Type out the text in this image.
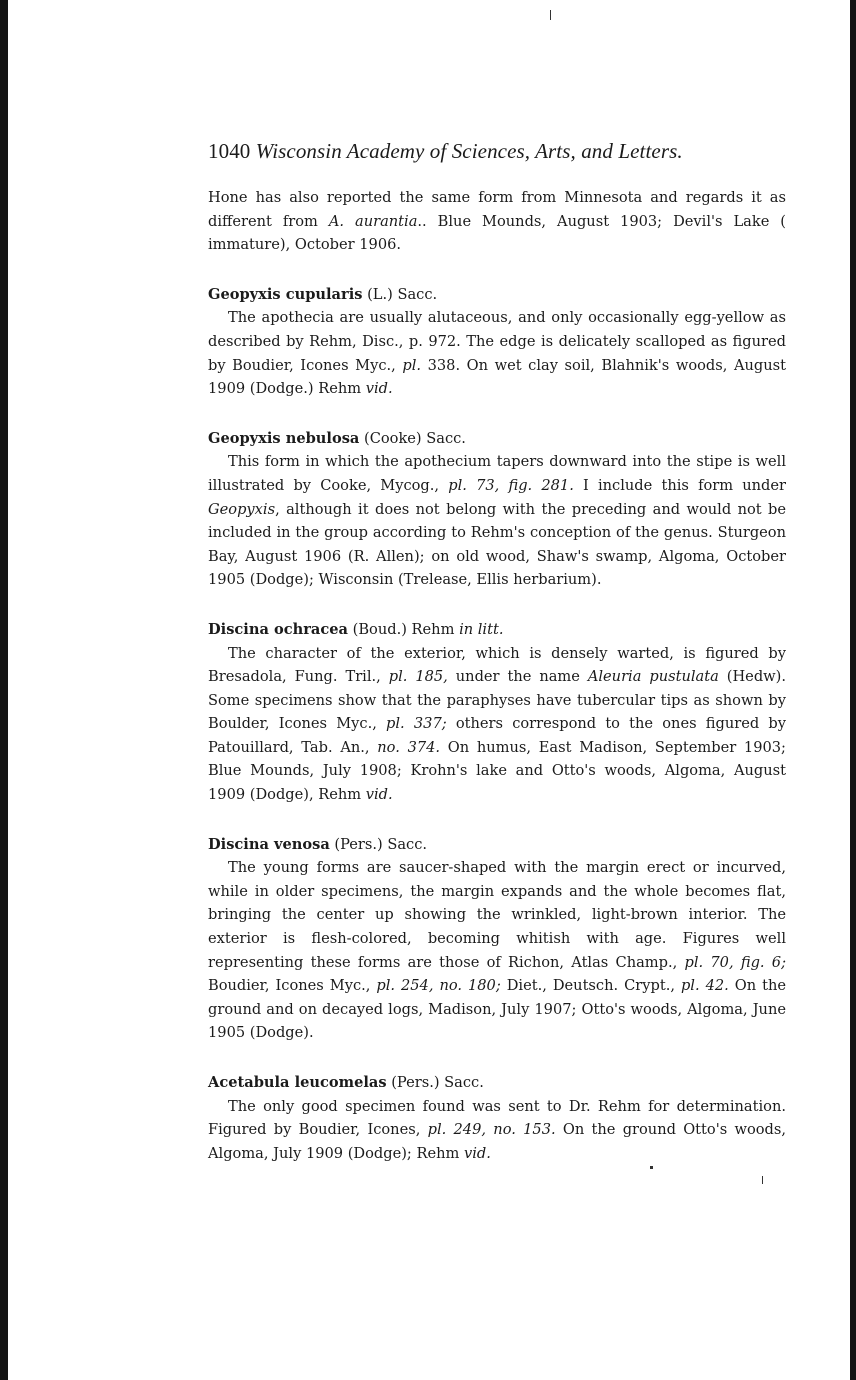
1040 Wisconsin Academy of Sciences, Arts, and Letters.

Hone has also reported the same form from Minnesota and regards it as different from A. aurantia.. Blue Mounds, August 1903; Devil's Lake ( immature), October 1906.

Geopyxis cupularis (L.) Sacc.

The apothecia are usually alutaceous, and only occasionally egg-yellow as described by Rehm, Disc., p. 972. The edge is delicately scalloped as figured by Boudier, Icones Myc., pl. 338. On wet clay soil, Blahnik's woods, August 1909 (Dodge.) Rehm vid.

Geopyxis nebulosa (Cooke) Sacc.

This form in which the apothecium tapers downward into the stipe is well illustrated by Cooke, Mycog., pl. 73, fig. 281. I include this form under Geopyxis, although it does not belong with the preceding and would not be included in the group according to Rehm's conception of the genus. Sturgeon Bay, August 1906 (R. Allen); on old wood, Shaw's swamp, Algoma, October 1905 (Dodge); Wisconsin (Trelease, Ellis herbarium).

Discina ochracea (Boud.) Rehm in litt.

The character of the exterior, which is densely warted, is figured by Bresadola, Fung. Tril., pl. 185, under the name Aleuria pustulata (Hedw). Some specimens show that the paraphyses have tubercular tips as shown by Boulder, Icones Myc., pl. 337; others correspond to the ones figured by Patouillard, Tab. An., no. 374. On humus, East Madison, September 1903; Blue Mounds, July 1908; Krohn's lake and Otto's woods, Algoma, August 1909 (Dodge), Rehm vid.

Discina venosa (Pers.) Sacc.

The young forms are saucer-shaped with the margin erect or incurved, while in older specimens, the margin expands and the whole becomes flat, bringing the center up showing the wrinkled, light-brown interior. The exterior is flesh-colored, becoming whitish with age. Figures well representing these forms are those of Richon, Atlas Champ., pl. 70, fig. 6; Boudier, Icones Myc., pl. 254, no. 180; Diet., Deutsch. Crypt., pl. 42. On the ground and on decayed logs, Madison, July 1907; Otto's woods, Algoma, June 1905 (Dodge).

Acetabula leucomelas (Pers.) Sacc.

The only good specimen found was sent to Dr. Rehm for determination. Figured by Boudier, Icones, pl. 249, no. 153. On the ground Otto's woods, Algoma, July 1909 (Dodge); Rehm vid.
